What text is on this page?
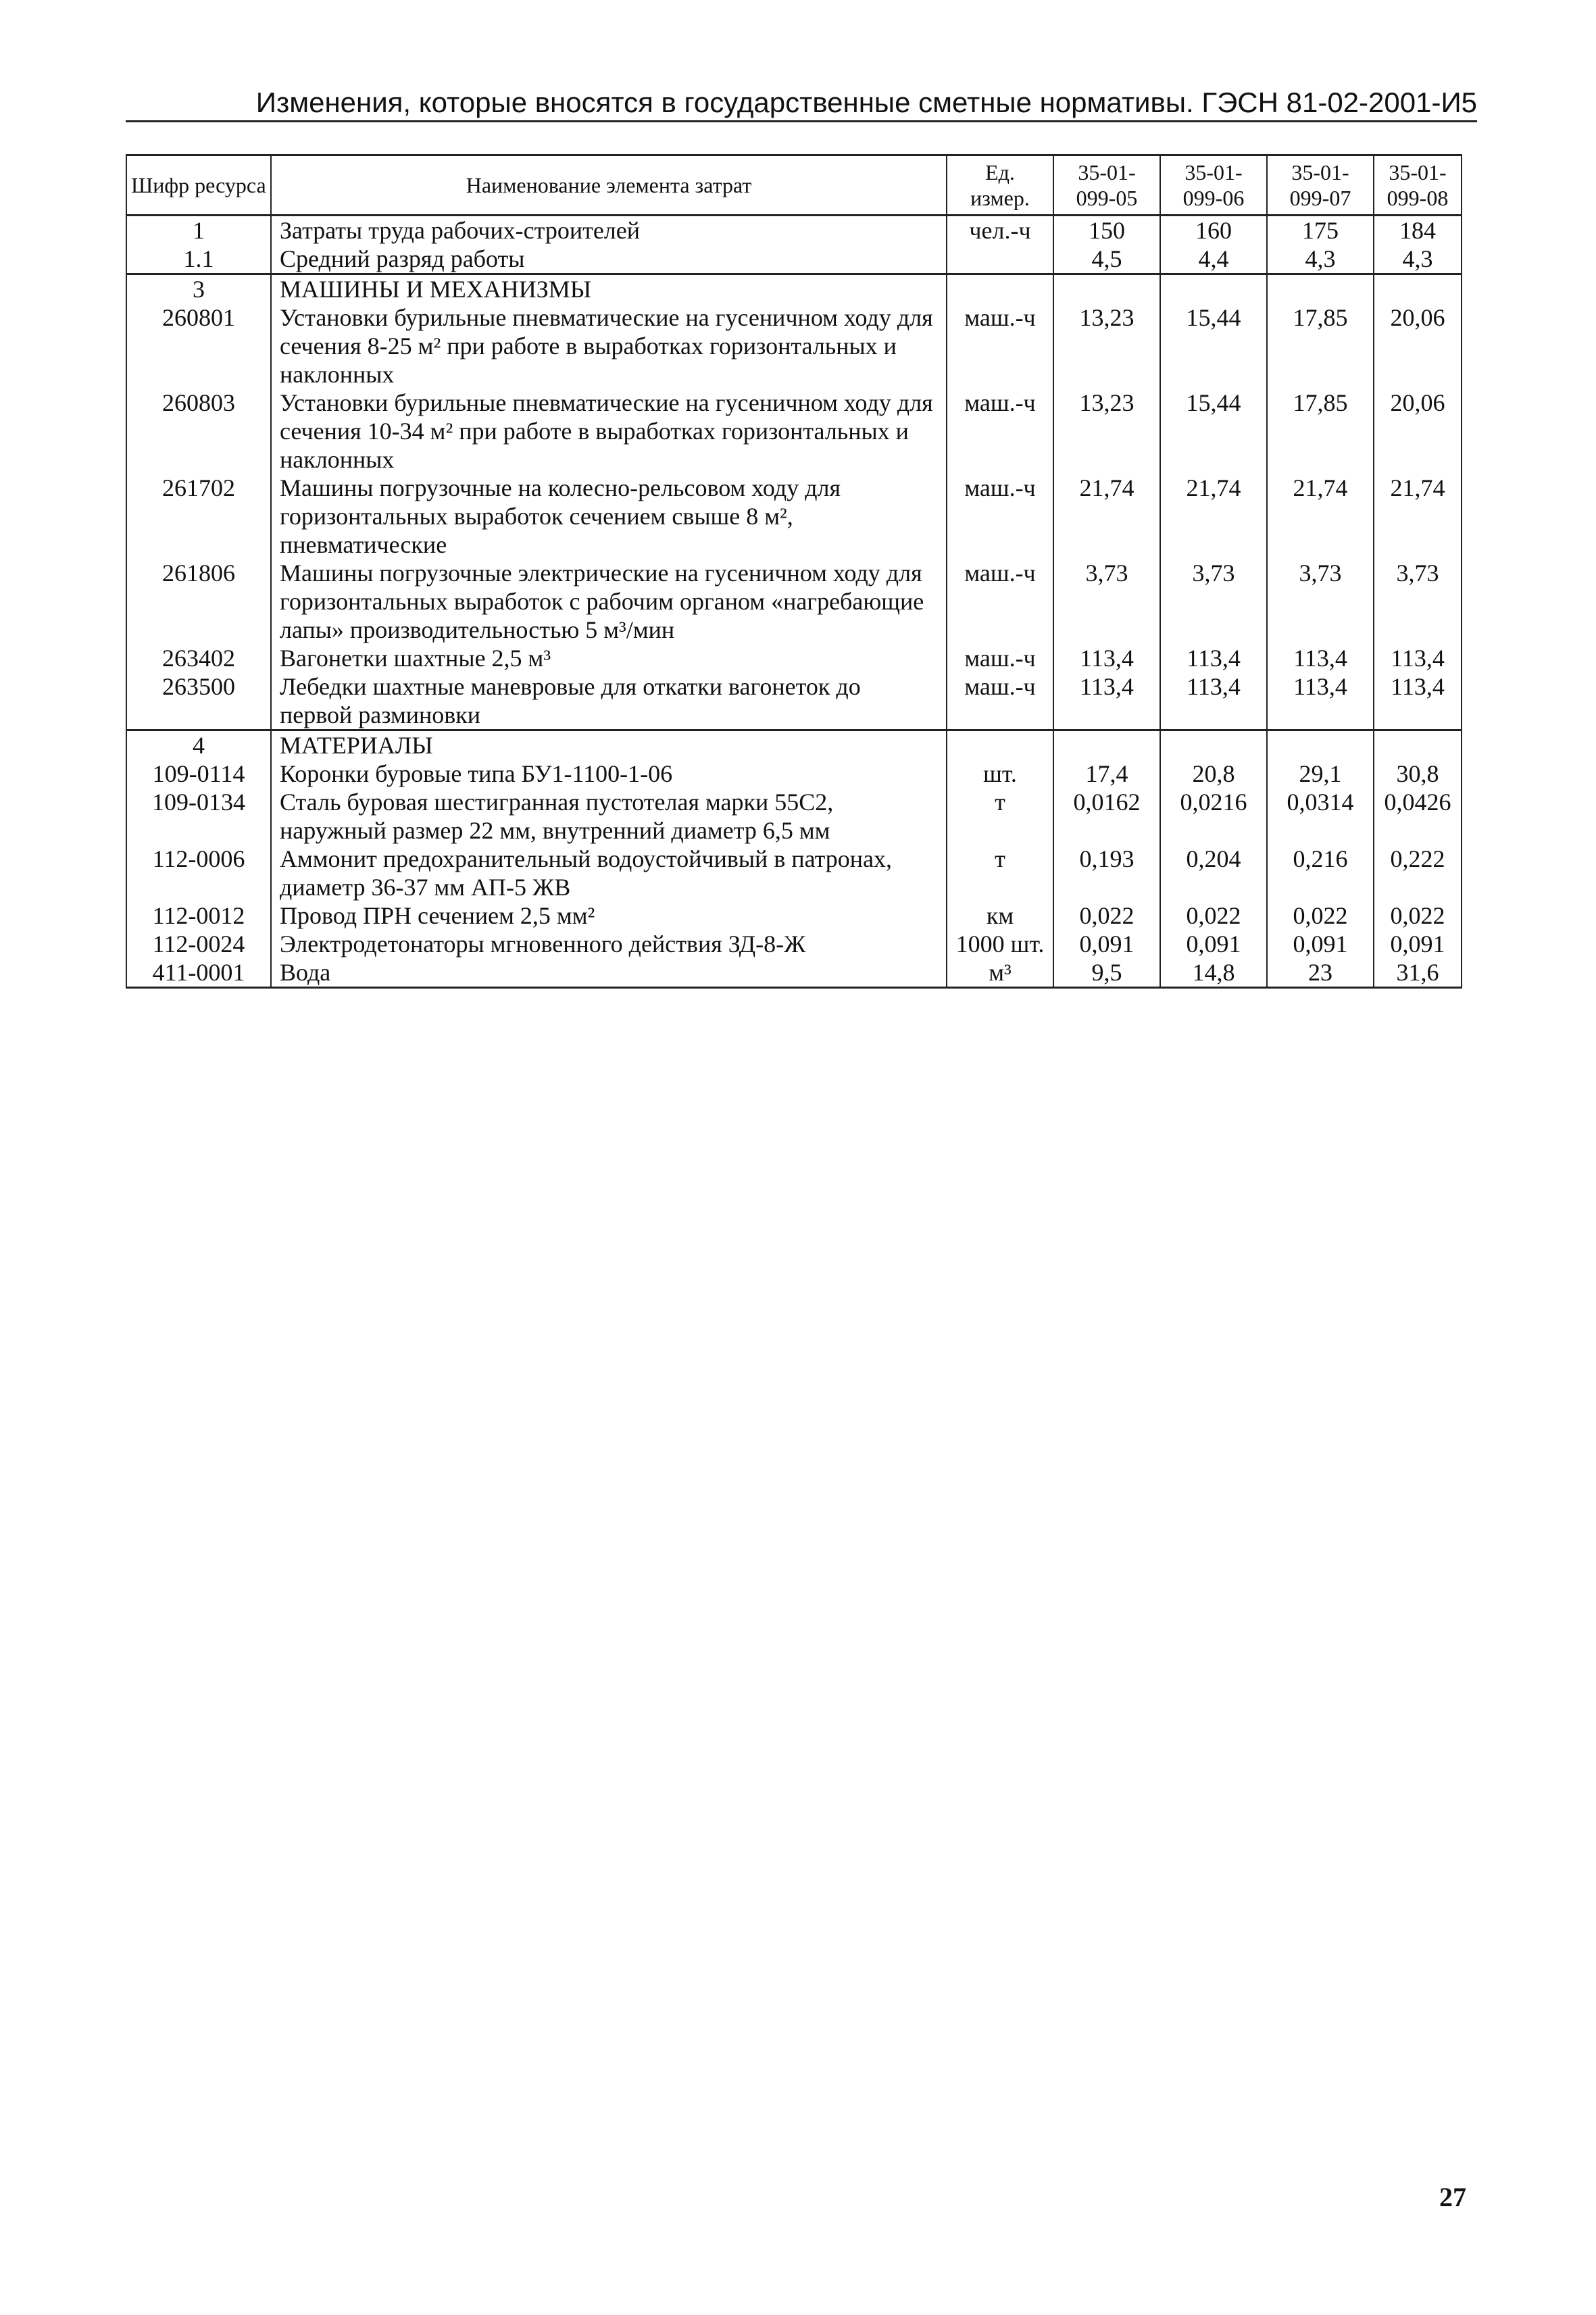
Изменения, которые вносятся в государственные сметные нормативы. ГЭСН 81-02-2001-И5
Шифр ресурса	Наименование элемента затрат	Ед. измер.	35-01-099-05	35-01-099-06	35-01-099-07	35-01-099-08
1	Затраты труда рабочих-строителей	чел.-ч	150	160	175	184
1.1	Средний разряд работы		4,5	4,4	4,3	4,3
3	МАШИНЫ И МЕХАНИЗМЫ					
260801	Установки бурильные пневматические на гусеничном ходу для сечения 8-25 м² при работе в выработках горизонтальных и наклонных	маш.-ч	13,23	15,44	17,85	20,06
260803	Установки бурильные пневматические на гусеничном ходу для сечения 10-34 м² при работе в выработках горизонтальных и наклонных	маш.-ч	13,23	15,44	17,85	20,06
261702	Машины погрузочные на колесно-рельсовом ходу для горизонтальных выработок сечением свыше 8 м², пневматические	маш.-ч	21,74	21,74	21,74	21,74
261806	Машины погрузочные электрические на гусеничном ходу для горизонтальных выработок с рабочим органом «нагребающие лапы» производительностью 5 м³/мин	маш.-ч	3,73	3,73	3,73	3,73
263402	Вагонетки шахтные 2,5 м³	маш.-ч	113,4	113,4	113,4	113,4
263500	Лебедки шахтные маневровые для откатки вагонеток до первой разминовки	маш.-ч	113,4	113,4	113,4	113,4
4	МАТЕРИАЛЫ					
109-0114	Коронки буровые типа БУ1-1100-1-06	шт.	17,4	20,8	29,1	30,8
109-0134	Сталь буровая шестигранная пустотелая марки 55С2, наружный размер 22 мм, внутренний диаметр 6,5 мм	т	0,0162	0,0216	0,0314	0,0426
112-0006	Аммонит предохранительный водоустойчивый в патронах, диаметр 36-37 мм АП-5 ЖВ	т	0,193	0,204	0,216	0,222
112-0012	Провод ПРН сечением 2,5 мм²	км	0,022	0,022	0,022	0,022
112-0024	Электродетонаторы мгновенного действия ЗД-8-Ж	1000 шт.	0,091	0,091	0,091	0,091
411-0001	Вода	м³	9,5	14,8	23	31,6
27
